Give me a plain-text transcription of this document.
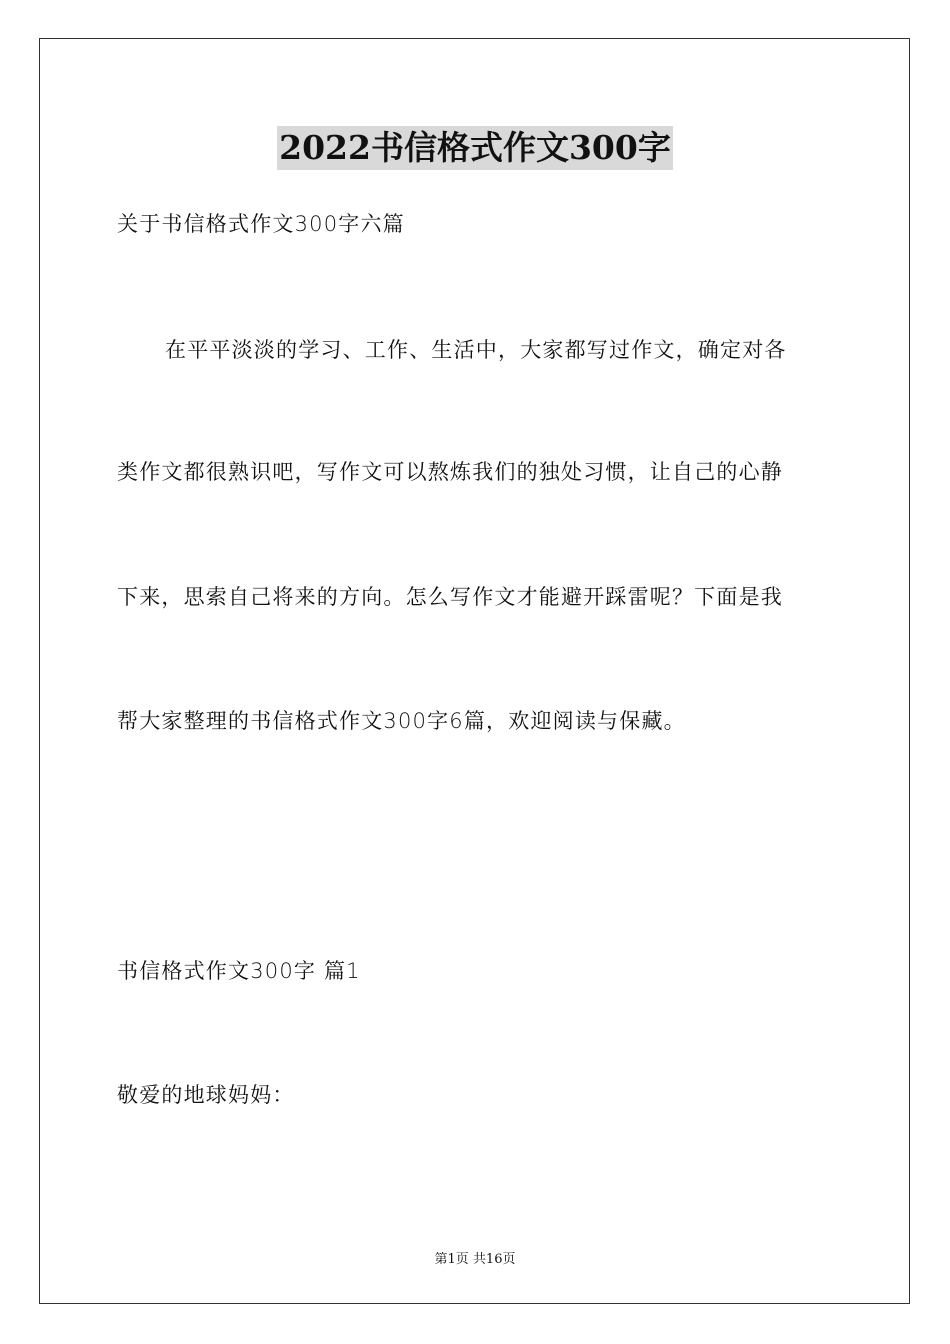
2022书信格式作文300字
关于书信格式作文300字六篇
在平平淡淡的学习、工作、生活中，大家都写过作文，确定对各
类作文都很熟识吧，写作文可以熬炼我们的独处习惯，让自己的心静
下来，思索自己将来的方向。怎么写作文才能避开踩雷呢？下面是我
帮大家整理的书信格式作文300字6篇，欢迎阅读与保藏。
书信格式作文300字 篇1
敬爱的地球妈妈：
第1页 共16页
